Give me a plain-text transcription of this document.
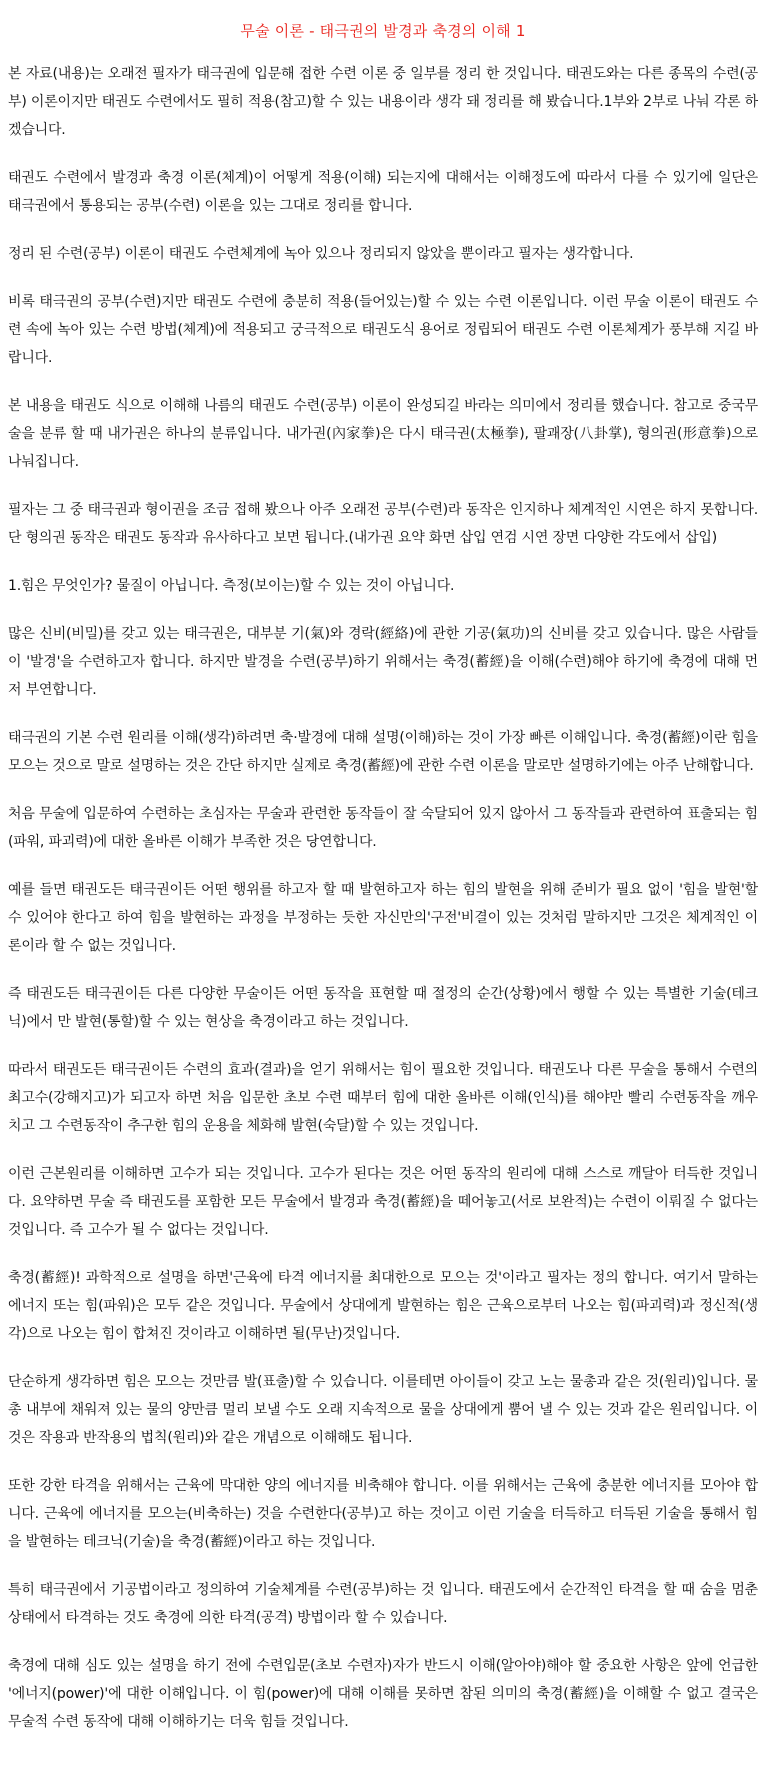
무술 이론 - 태극권의 발경과 축경의 이해 1

본 자료(내용)는 오래전 필자가 태극권에 입문해 접한 수련 이론 중 일부를 정리 한 것입니다. 태권도와는 다른 종목의 수련(공부) 이론이지만 태권도 수련에서도 필히 적용(참고)할 수 있는 내용이라 생각 돼 정리를 해 봤습니다.1부와 2부로 나눠 각론 하겠습니다.

태권도 수련에서 발경과 축경 이론(체계)이 어떻게 적용(이해) 되는지에 대해서는 이해정도에 따라서 다를 수 있기에 일단은 태극권에서 통용되는 공부(수련) 이론을 있는 그대로 정리를 합니다.

정리 된 수련(공부) 이론이 태권도 수련체계에 녹아 있으나 정리되지 않았을 뿐이라고 필자는 생각합니다.

비록 태극권의 공부(수련)지만 태권도 수련에 충분히 적용(들어있는)할 수 있는 수련 이론입니다. 이런 무술 이론이 태권도 수련 속에 녹아 있는 수련 방법(체계)에 적용되고 궁극적으로 태권도식 용어로 정립되어 태권도 수련 이론체계가 풍부해 지길 바랍니다.

본 내용을 태권도 식으로 이해해 나름의 태권도 수련(공부) 이론이 완성되길 바라는 의미에서 정리를 했습니다. 참고로 중국무술을 분류 할 때 내가권은 하나의 분류입니다. 내가권(內家拳)은 다시 태극권(太極拳), 팔괘장(八卦掌), 형의권(形意拳)으로 나눠집니다.

필자는 그 중 태극권과 형이권을 조금 접해 봤으나 아주 오래전 공부(수련)라 동작은 인지하나 체계적인 시연은 하지 못합니다. 단 형의권 동작은 태권도 동작과 유사하다고 보면 됩니다.(내가권 요약 화면 삽입 연검 시연 장면 다양한 각도에서 삽입)

1.힘은 무엇인가? 물질이 아닙니다. 측정(보이는)할 수 있는 것이 아닙니다.

많은 신비(비밀)를 갖고 있는 태극권은, 대부분 기(氣)와 경락(經絡)에 관한 기공(氣功)의 신비를 갖고 있습니다. 많은 사람들이 '발경'을 수련하고자 합니다. 하지만 발경을 수련(공부)하기 위해서는 축경(蓄經)을 이해(수련)해야 하기에 축경에 대해 먼저 부연합니다.

태극권의 기본 수련 원리를 이해(생각)하려면 축·발경에 대해 설명(이해)하는 것이 가장 빠른 이해입니다. 축경(蓄經)이란 힘을 모으는 것으로 말로 설명하는 것은 간단 하지만 실제로 축경(蓄經)에 관한 수련 이론을 말로만 설명하기에는 아주 난해합니다.

처음 무술에 입문하여 수련하는 초심자는 무술과 관련한 동작들이 잘 숙달되어 있지 않아서 그 동작들과 관련하여 표출되는 힘(파워, 파괴력)에 대한 올바른 이해가 부족한 것은 당연합니다.

예를 들면 태권도든 태극권이든 어떤 행위를 하고자 할 때 발현하고자 하는 힘의 발현을 위해 준비가 필요 없이 '힘을 발현'할 수 있어야 한다고 하여 힘을 발현하는 과정을 부정하는 듯한 자신만의'구전'비결이 있는 것처럼 말하지만 그것은 체계적인 이론이라 할 수 없는 것입니다.

즉 태권도든 태극권이든 다른 다양한 무술이든 어떤 동작을 표현할 때 절정의 순간(상황)에서 행할 수 있는 특별한 기술(테크닉)에서 만 발현(통할)할 수 있는 현상을 축경이라고 하는 것입니다.

따라서 태권도든 태극권이든 수련의 효과(결과)을 얻기 위해서는 힘이 필요한 것입니다. 태권도나 다른 무술을 통해서 수련의 최고수(강해지고)가 되고자 하면 처음 입문한 초보 수련 때부터 힘에 대한 올바른 이해(인식)를 해야만 빨리 수련동작을 깨우치고 그 수련동작이 추구한 힘의 운용을 체화해 발현(숙달)할 수 있는 것입니다.

이런 근본원리를 이해하면 고수가 되는 것입니다. 고수가 된다는 것은 어떤 동작의 원리에 대해 스스로 깨달아 터득한 것입니다. 요약하면 무술 즉 태권도를 포함한 모든 무술에서 발경과 축경(蓄經)을 떼어놓고(서로 보완적)는 수련이 이뤄질 수 없다는 것입니다. 즉 고수가 될 수 없다는 것입니다.

축경(蓄經)! 과학적으로 설명을 하면'근육에 타격 에너지를 최대한으로 모으는 것'이라고 필자는 정의 합니다. 여기서 말하는 에너지 또는 힘(파워)은 모두 같은 것입니다. 무술에서 상대에게 발현하는 힘은 근육으로부터 나오는 힘(파괴력)과 정신적(생각)으로 나오는 힘이 합쳐진 것이라고 이해하면 될(무난)것입니다.

단순하게 생각하면 힘은 모으는 것만큼 발(표출)할 수 있습니다. 이를테면 아이들이 갖고 노는 물총과 같은 것(원리)입니다. 물총 내부에 채워져 있는 물의 양만큼 멀리 보낼 수도 오래 지속적으로 물을 상대에게 뿜어 낼 수 있는 것과 같은 원리입니다. 이것은 작용과 반작용의 법칙(원리)와 같은 개념으로 이해해도 됩니다.

또한 강한 타격을 위해서는 근육에 막대한 양의 에너지를 비축해야 합니다. 이를 위해서는 근육에 충분한 에너지를 모아야 합니다. 근육에 에너지를 모으는(비축하는) 것을 수련한다(공부)고 하는 것이고 이런 기술을 터득하고 터득된 기술을 통해서 힘을 발현하는 테크닉(기술)을 축경(蓄經)이라고 하는 것입니다.

특히 태극권에서 기공법이라고 정의하여 기술체계를 수련(공부)하는 것 입니다. 태권도에서 순간적인 타격을 할 때 숨을 멈춘 상태에서 타격하는 것도 축경에 의한 타격(공격) 방법이라 할 수 있습니다.

축경에 대해 심도 있는 설명을 하기 전에 수련입문(초보 수련자)자가 반드시 이해(알아야)해야 할 중요한 사항은 앞에 언급한 '에너지(power)'에 대한 이해입니다. 이 힘(power)에 대해 이해를 못하면 참된 의미의 축경(蓄經)을 이해할 수 없고 결국은 무술적 수련 동작에 대해 이해하기는 더욱 힘들 것입니다.
